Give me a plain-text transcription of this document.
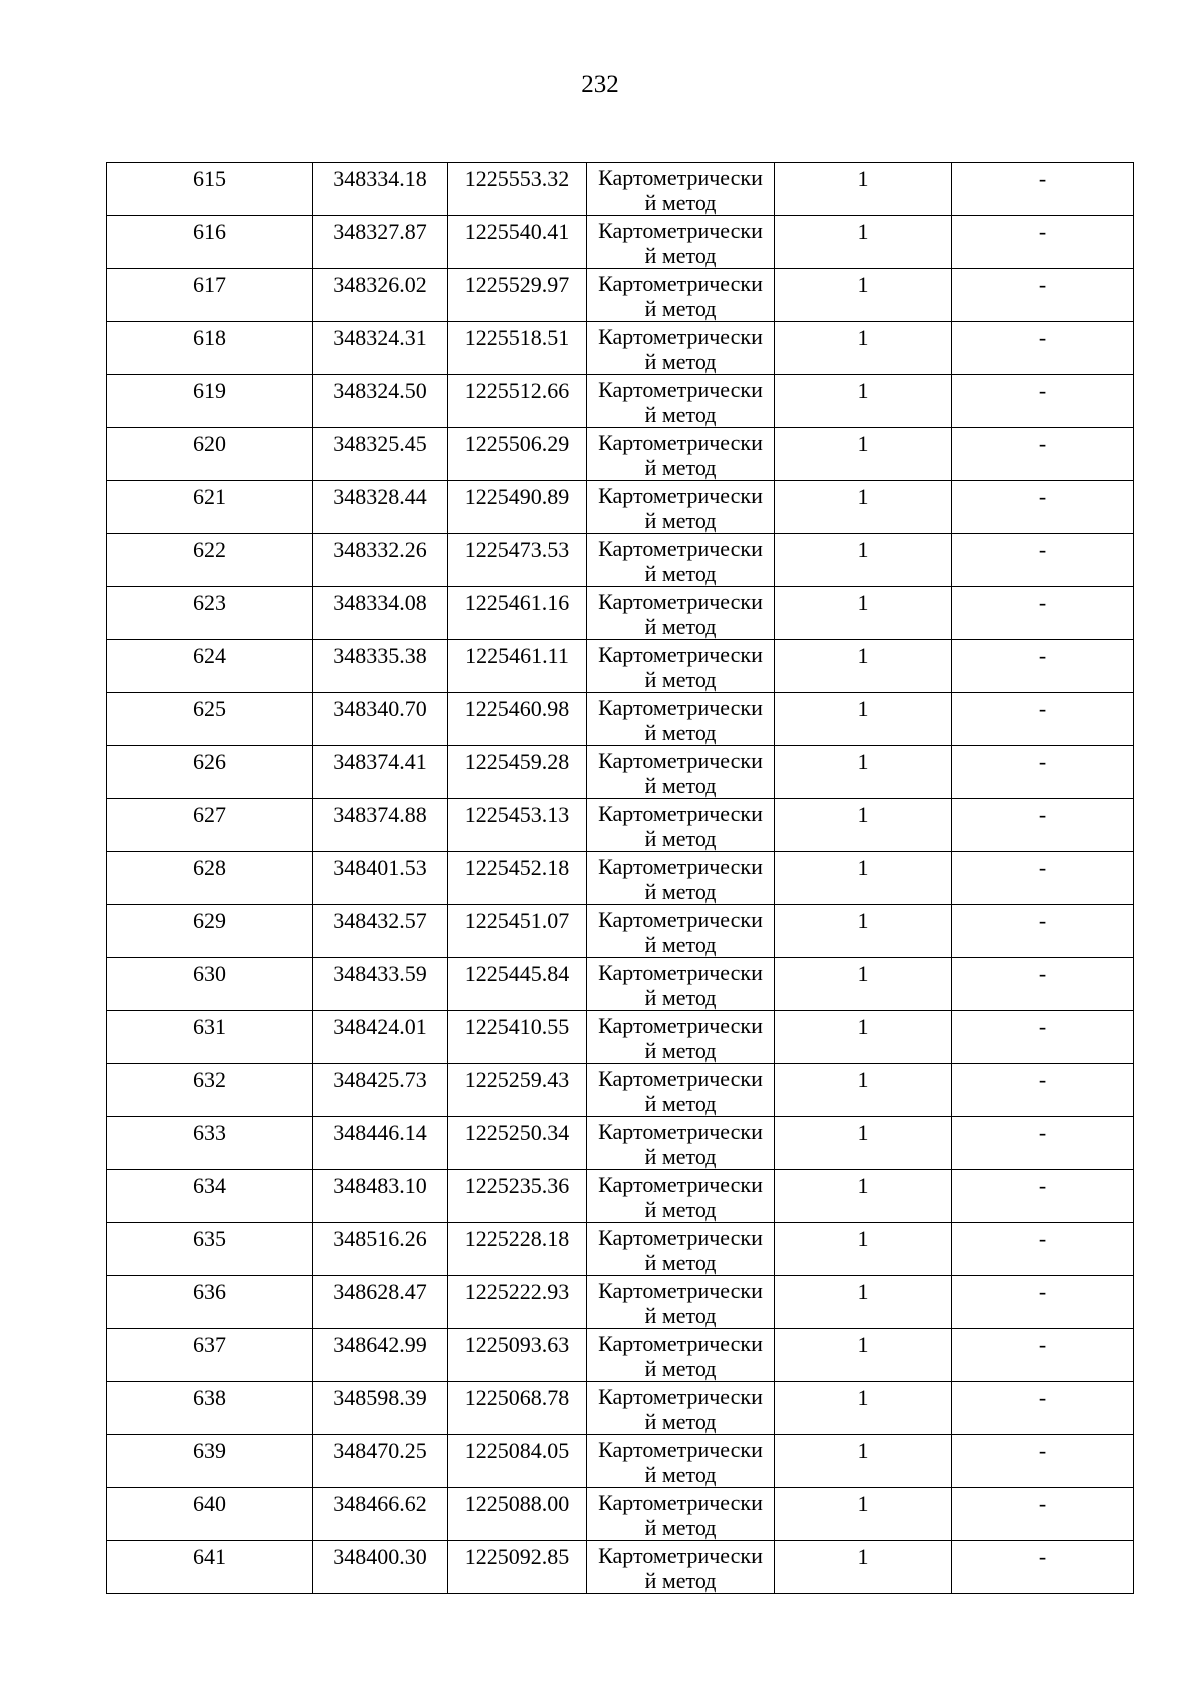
232
615	348334.18	1225553.32	Картометрически
й метод	1	-

616	348327.87	1225540.41	Картометрически
й метод	1	-

617	348326.02	1225529.97	Картометрически
й метод	1	-

618	348324.31	1225518.51	Картометрически
й метод	1	-

619	348324.50	1225512.66	Картометрически
й метод	1	-

620	348325.45	1225506.29	Картометрически
й метод	1	-

621	348328.44	1225490.89	Картометрически
й метод	1	-

622	348332.26	1225473.53	Картометрически
й метод	1	-

623	348334.08	1225461.16	Картометрически
й метод	1	-

624	348335.38	1225461.11	Картометрически
й метод	1	-

625	348340.70	1225460.98	Картометрически
й метод	1	-

626	348374.41	1225459.28	Картометрически
й метод	1	-

627	348374.88	1225453.13	Картометрически
й метод	1	-

628	348401.53	1225452.18	Картометрически
й метод	1	-

629	348432.57	1225451.07	Картометрически
й метод	1	-

630	348433.59	1225445.84	Картометрически
й метод	1	-

631	348424.01	1225410.55	Картометрически
й метод	1	-

632	348425.73	1225259.43	Картометрически
й метод	1	-

633	348446.14	1225250.34	Картометрически
й метод	1	-

634	348483.10	1225235.36	Картометрически
й метод	1	-

635	348516.26	1225228.18	Картометрически
й метод	1	-

636	348628.47	1225222.93	Картометрически
й метод	1	-

637	348642.99	1225093.63	Картометрически
й метод	1	-

638	348598.39	1225068.78	Картометрически
й метод	1	-

639	348470.25	1225084.05	Картометрически
й метод	1	-

640	348466.62	1225088.00	Картометрически
й метод	1	-

641	348400.30	1225092.85	Картометрически
й метод	1	-
